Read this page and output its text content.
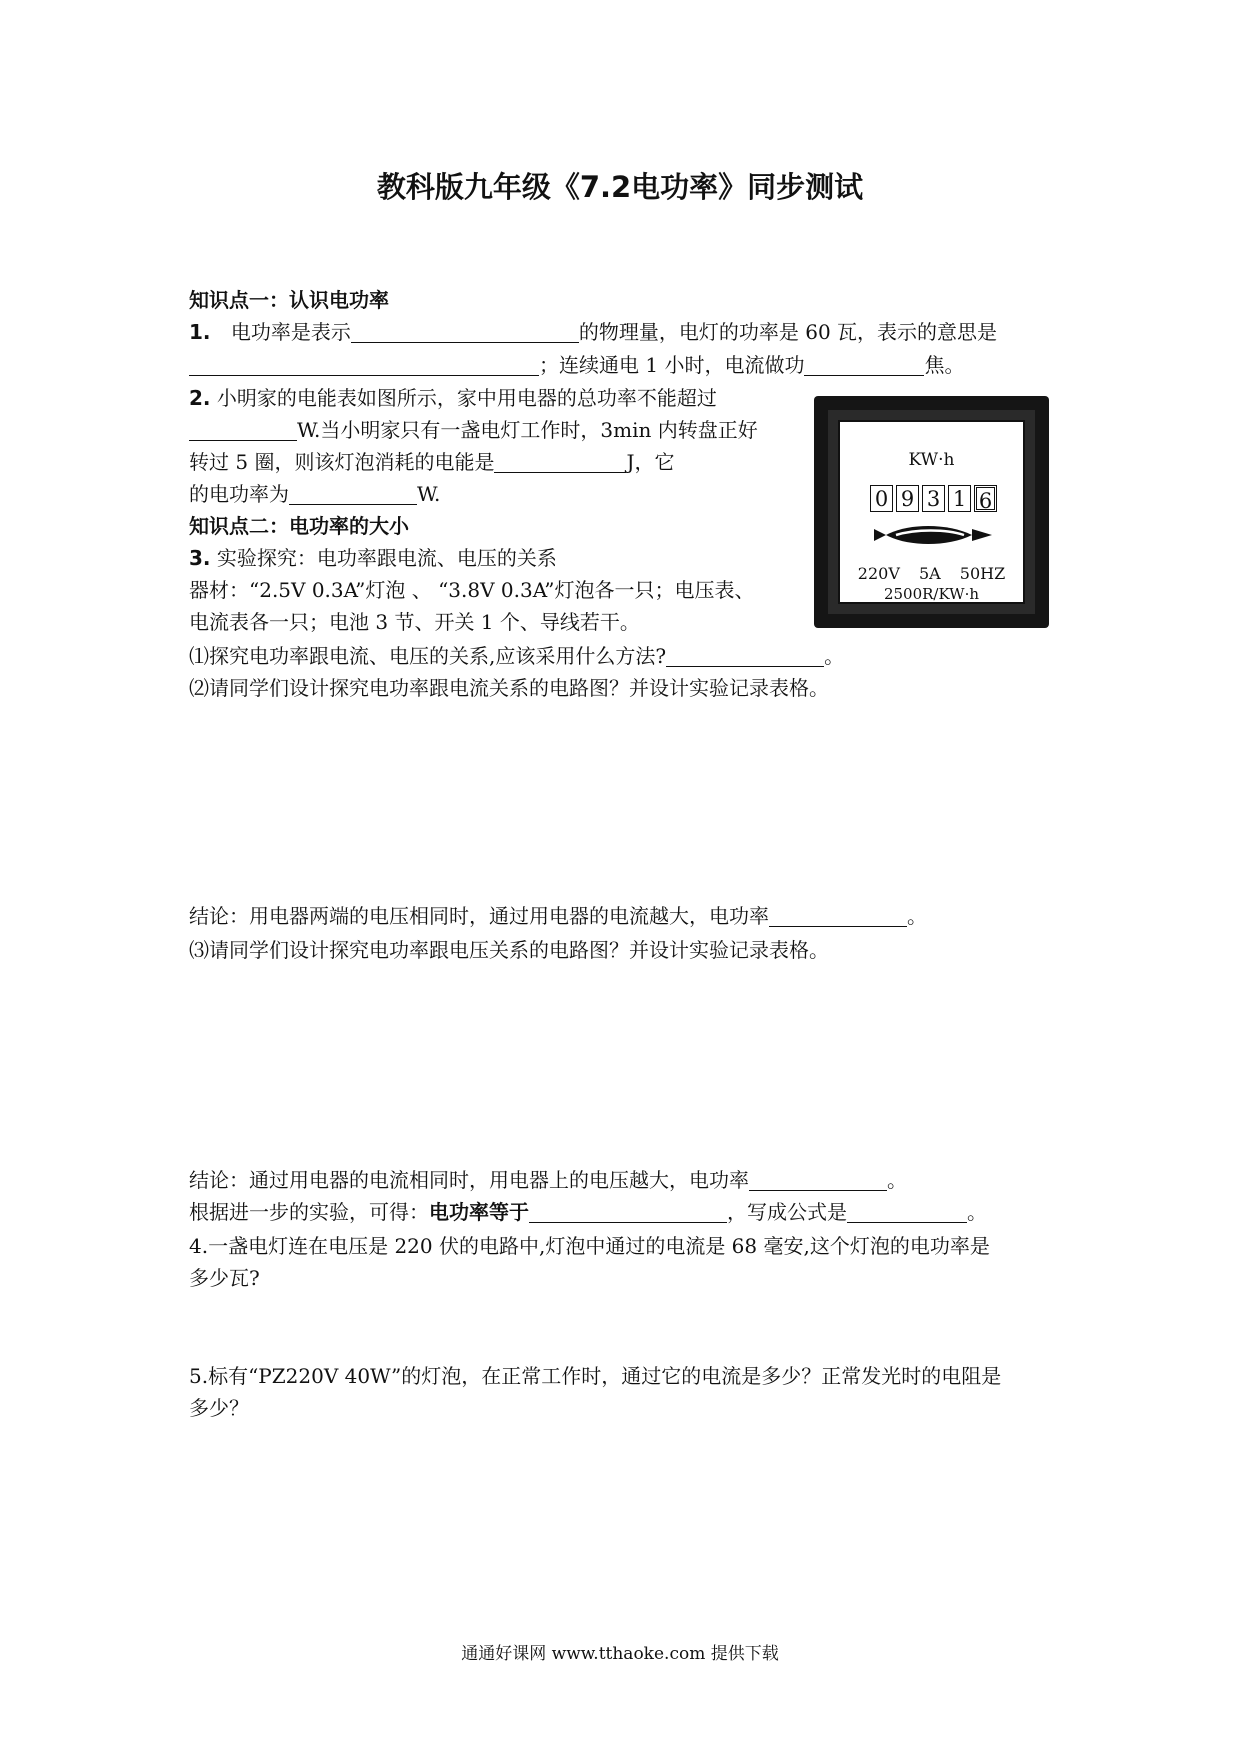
教科版九年级《7.2电功率》同步测试
知识点一：认识电功率
1. 电功率是表示	的物理量，电灯的功率是 60 瓦，表示的意思是
；连续通电 1 小时，电流做功	焦。
2. 小明家的电能表如图所示，家中用电器的总功率不能超过
W.当小明家只有一盏电灯工作时，3min 内转盘正好
转过 5 圈，则该灯泡消耗的电能是	J，它
的电功率为	W.
知识点二：电功率的大小
3. 实验探究：电功率跟电流、电压的关系
器材：“2.5V 0.3A”灯泡 、 “3.8V 0.3A”灯泡各一只；电压表、
电流表各一只；电池 3 节、开关 1 个、导线若干。
⑴探究电功率跟电流、电压的关系,应该采用什么方法?	。
⑵请同学们设计探究电功率跟电流关系的电路图？并设计实验记录表格。
结论：用电器两端的电压相同时，通过用电器的电流越大，电功率	。
⑶请同学们设计探究电功率跟电压关系的电路图？并设计实验记录表格。
结论：通过用电器的电流相同时，用电器上的电压越大，电功率	。
根据进一步的实验，可得：电功率等于	，写成公式是	。
4.一盏电灯连在电压是 220 伏的电路中,灯泡中通过的电流是 68 毫安,这个灯泡的电功率是
多少瓦?
5.标有“PZ220V 40W”的灯泡，在正常工作时，通过它的电流是多少？正常发光时的电阻是
多少？
KW·h
0 9 3 1 6
220V 5A 50HZ
2500R/KW·h
通通好课网 www.tthaoke.com 提供下载
